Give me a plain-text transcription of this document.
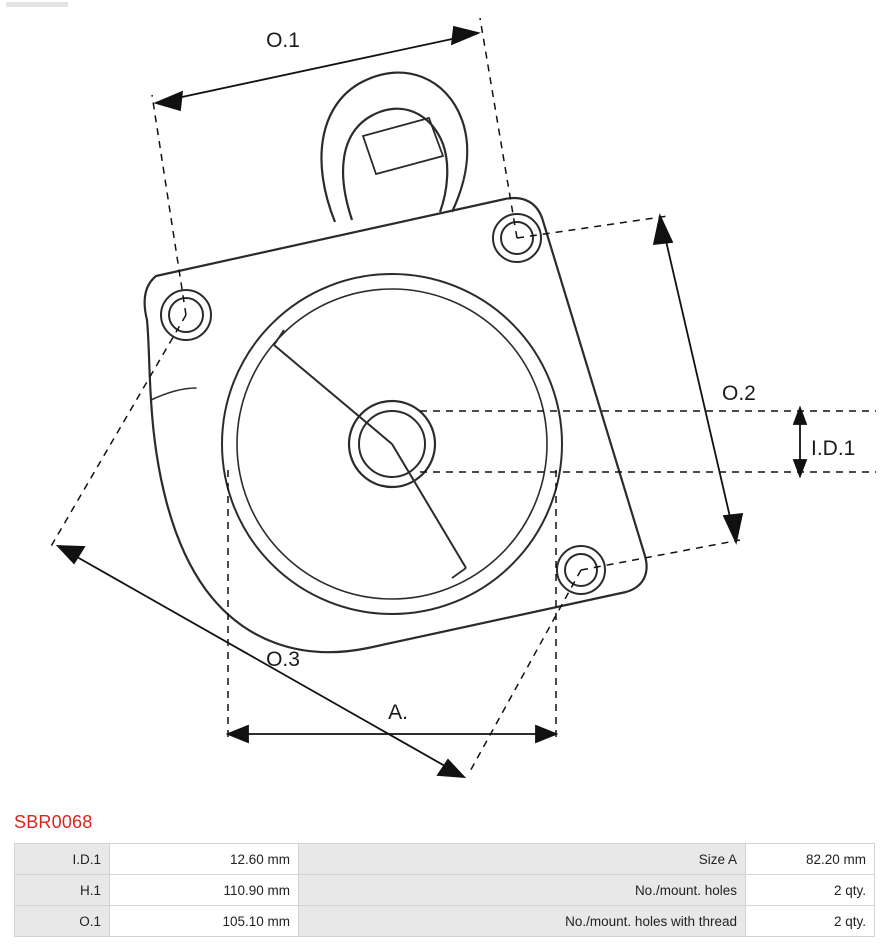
O.1
O.2
I.D.1
O.3
A.
SBR0068
I.D.1	12.60 mm	Size A	82.20 mm
H.1	110.90 mm	No./mount. holes	2 qty.
O.1	105.10 mm	No./mount. holes with thread	2 qty.
